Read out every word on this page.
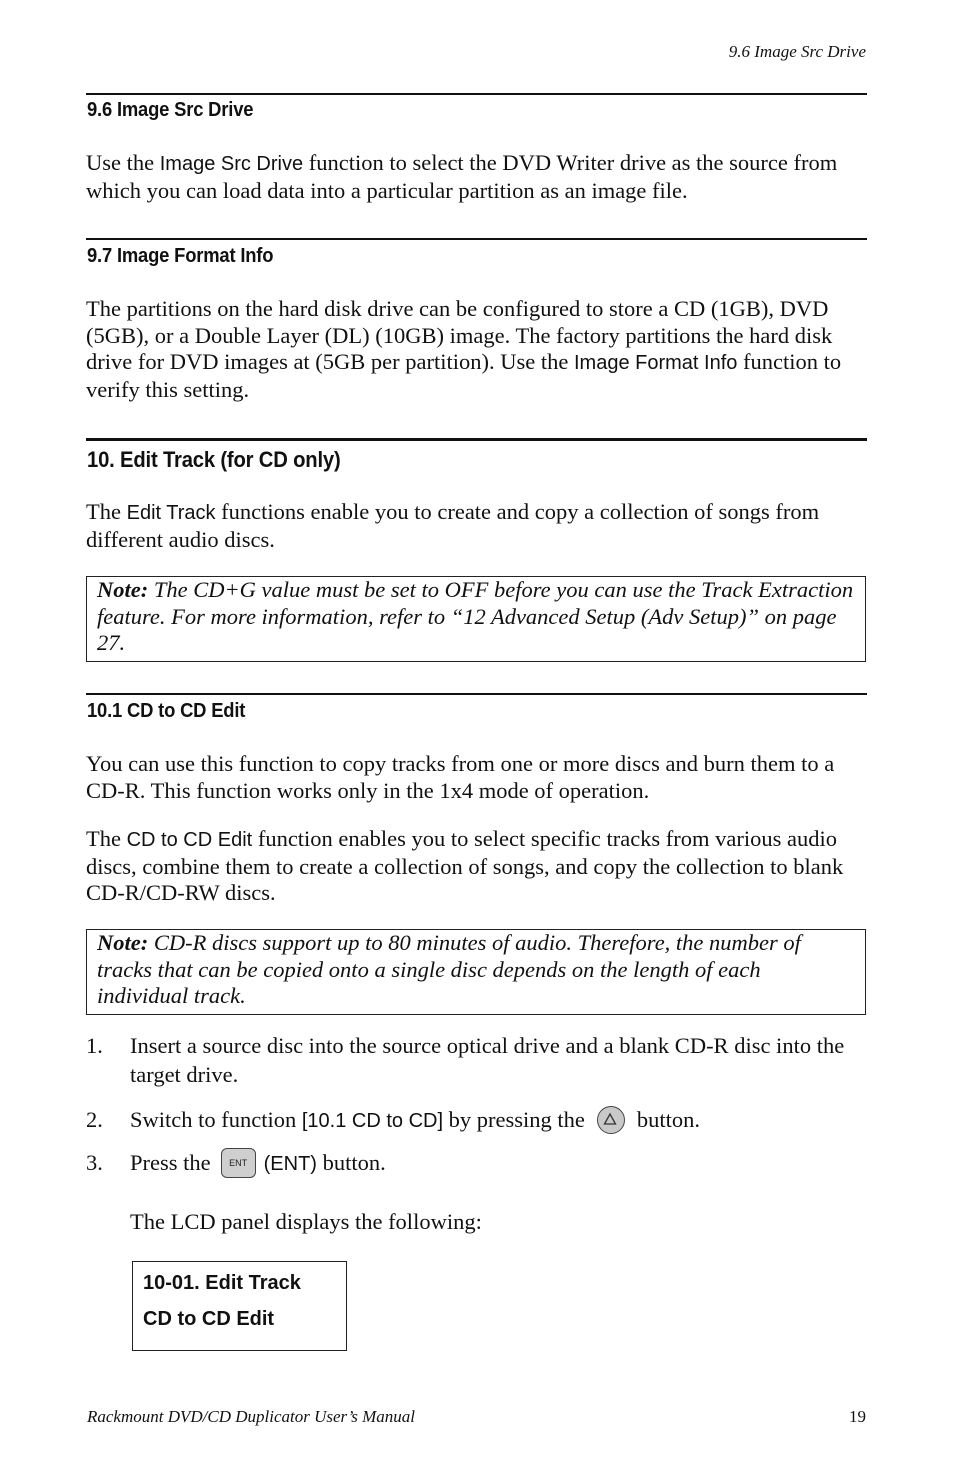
9.6 Image Src Drive
9.6 Image Src Drive

Use the Image Src Drive function to select the DVD Writer drive as the source from which you can load data into a particular partition as an image file.

9.7 Image Format Info

The partitions on the hard disk drive can be configured to store a CD (1GB), DVD (5GB), or a Double Layer (DL) (10GB) image. The factory partitions the hard disk drive for DVD images at (5GB per partition). Use the Image Format Info function to verify this setting.

10. Edit Track (for CD only)

The Edit Track functions enable you to create and copy a collection of songs from different audio discs.

Note: The CD+G value must be set to OFF before you can use the Track Extraction feature. For more information, refer to “12 Advanced Setup (Adv Setup)” on page 27.
10.1 CD to CD Edit

You can use this function to copy tracks from one or more discs and burn them to a CD-R. This function works only in the 1x4 mode of operation.

The CD to CD Edit function enables you to select specific tracks from various audio discs, combine them to create a collection of songs, and copy the collection to blank CD-R/CD-RW discs.

Note: CD-R discs support up to 80 minutes of audio. Therefore, the number of tracks that can be copied onto a single disc depends on the length of each individual track.
1. Insert a source disc into the source optical drive and a blank CD-R disc into the target drive.

2. Switch to function [10.1 CD to CD] by pressing the button.

3. Press the ENT (ENT) button.

The LCD panel displays the following:

10-01. Edit Track
CD to CD Edit
Rackmount DVD/CD Duplicator User’s Manual	19
